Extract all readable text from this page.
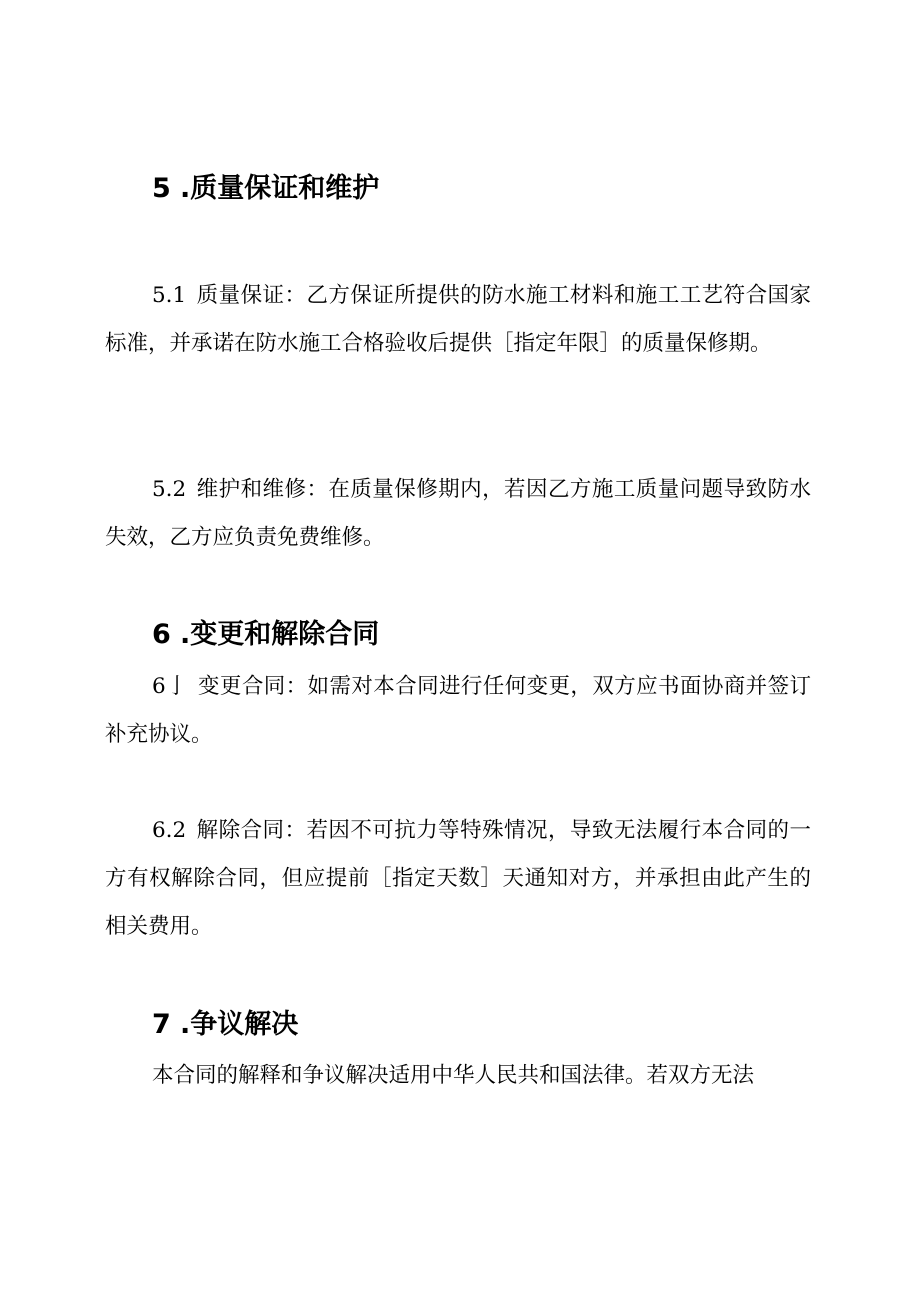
5 .质量保证和维护

5.1 质量保证：乙方保证所提供的防水施工材料和施工工艺符合国家标准，并承诺在防水施工合格验收后提供［指定年限］的质量保修期。

5.2 维护和维修：在质量保修期内，若因乙方施工质量问题导致防水失效，乙方应负责免费维修。

6 .变更和解除合同

6亅 变更合同：如需对本合同进行任何变更，双方应书面协商并签订补充协议。

6.2 解除合同：若因不可抗力等特殊情况，导致无法履行本合同的一方有权解除合同，但应提前［指定天数］天通知对方，并承担由此产生的相关费用。

7 .争议解决

本合同的解释和争议解决适用中华人民共和国法律。若双方无法
